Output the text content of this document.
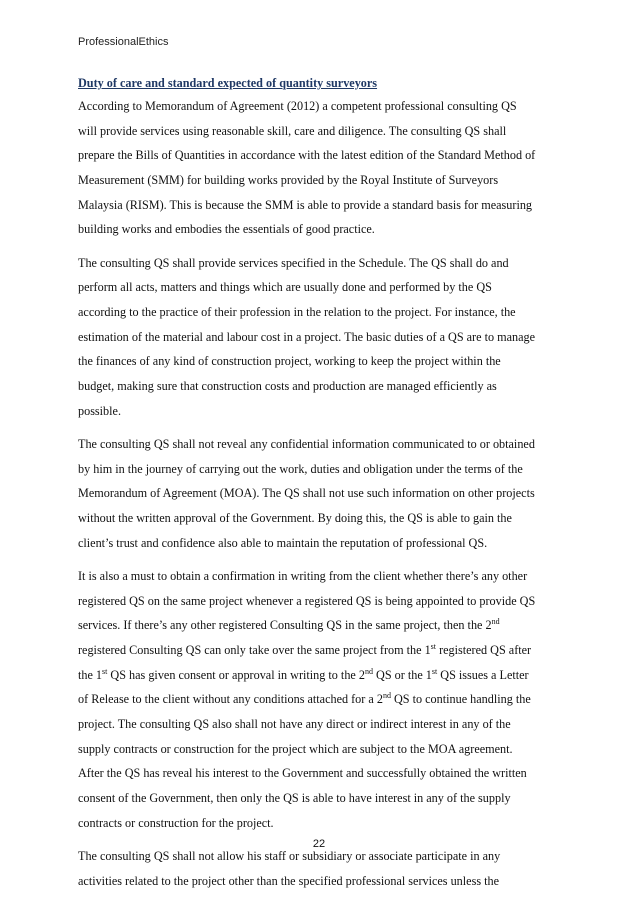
ProfessionalEthics
Duty of care and standard expected of quantity surveyors
According to Memorandum of Agreement (2012) a competent professional consulting QS
will provide services using reasonable skill, care and diligence. The consulting QS shall
prepare the Bills of Quantities in accordance with the latest edition of the Standard Method of
Measurement (SMM) for building works provided by the Royal Institute of Surveyors
Malaysia (RISM). This is because the SMM is able to provide a standard basis for measuring
building works and embodies the essentials of good practice.
The consulting QS shall provide services specified in the Schedule. The QS shall do and
perform all acts, matters and things which are usually done and performed by the QS
according to the practice of their profession in the relation to the project. For instance, the
estimation of the material and labour cost in a project. The basic duties of a QS are to manage
the finances of any kind of construction project, working to keep the project within the
budget, making sure that construction costs and production are managed efficiently as
possible.
The consulting QS shall not reveal any confidential information communicated to or obtained
by him in the journey of carrying out the work, duties and obligation under the terms of the
Memorandum of Agreement (MOA). The QS shall not use such information on other projects
without the written approval of the Government. By doing this, the QS is able to gain the
client’s trust and confidence also able to maintain the reputation of professional QS.
It is also a must to obtain a confirmation in writing from the client whether there’s any other
registered QS on the same project whenever a registered QS is being appointed to provide QS
services. If there’s any other registered Consulting QS in the same project, then the 2nd
registered Consulting QS can only take over the same project from the 1st registered QS after
the 1st QS has given consent or approval in writing to the 2nd QS or the 1st QS issues a Letter
of Release to the client without any conditions attached for a 2nd QS to continue handling the
project. The consulting QS also shall not have any direct or indirect interest in any of the
supply contracts or construction for the project which are subject to the MOA agreement.
After the QS has reveal his interest to the Government and successfully obtained the written
consent of the Government, then only the QS is able to have interest in any of the supply
contracts or construction for the project.
The consulting QS shall not allow his staff or subsidiary or associate participate in any
activities related to the project other than the specified professional services unless the
22
